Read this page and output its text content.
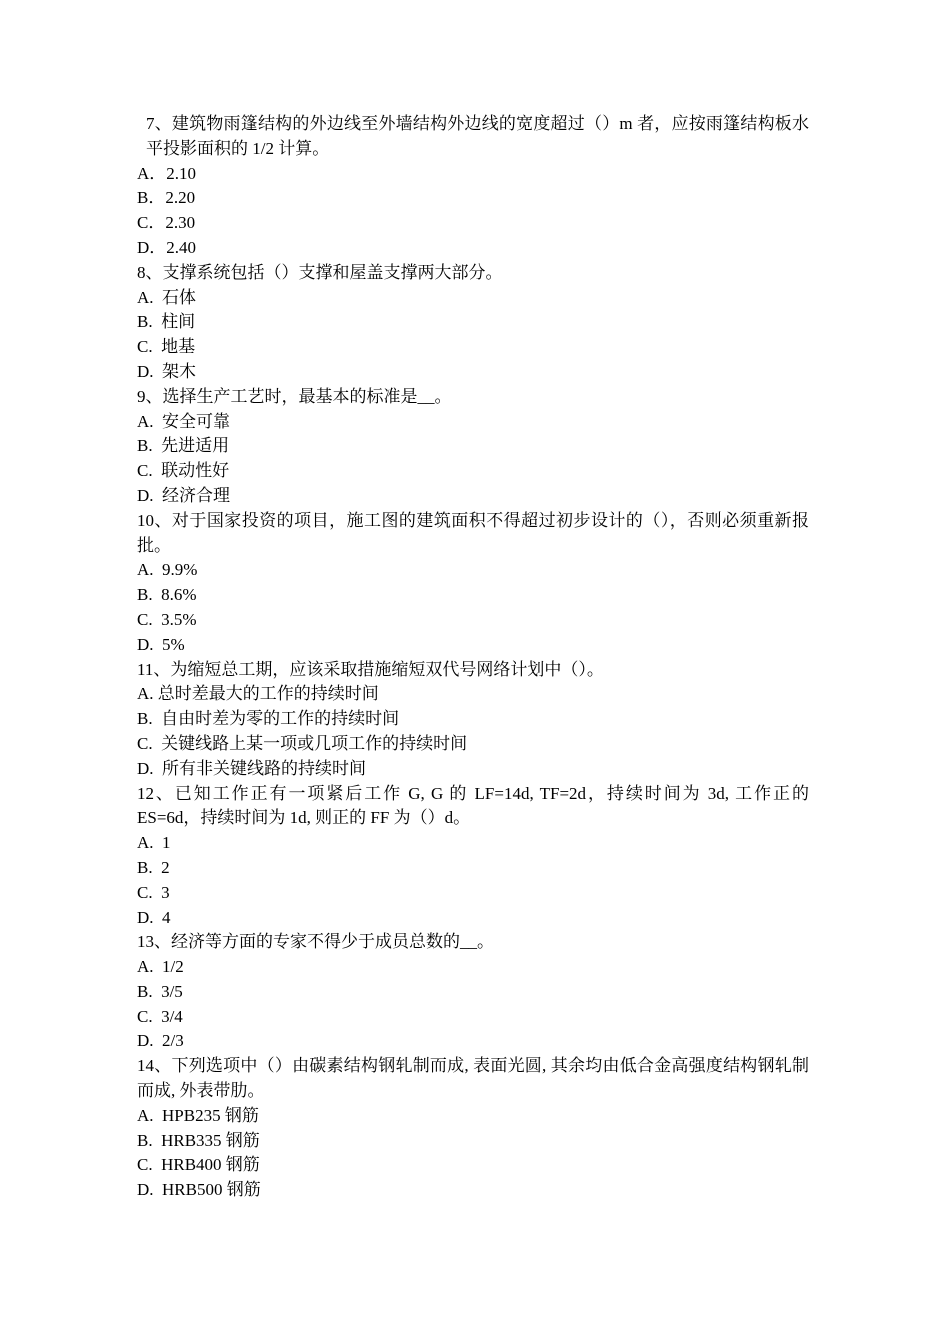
7、建筑物雨篷结构的外边线至外墙结构外边线的宽度超过（）m 者，应按雨篷结构板水平投影面积的 1/2 计算。

A．2.10

B．2.20

C．2.30

D．2.40

8、支撑系统包括（）支撑和屋盖支撑两大部分。

A.  石体

B.  柱间

C.  地基

D.  架木

9、选择生产工艺时，最基本的标准是__。

A.  安全可靠

B.  先进适用

C.  联动性好

D.  经济合理

10、对于国家投资的项目，施工图的建筑面积不得超过初步设计的（），否则必须重新报批。

A.  9.9%

B.  8.6%

C.  3.5%

D.  5%

11、为缩短总工期，应该采取措施缩短双代号网络计划中（）。

A. 总时差最大的工作的持续时间

B.  自由时差为零的工作的持续时间

C.  关键线路上某一项或几项工作的持续时间

D.  所有非关键线路的持续时间

12、已知工作正有一项紧后工作 G, G 的 LF=14d, TF=2d，持续时间为 3d, 工作正的 ES=6d，持续时间为 1d, 则正的 FF 为（）d。

A.  1

B.  2

C.  3

D.  4

13、经济等方面的专家不得少于成员总数的__。

A.  1/2

B.  3/5

C.  3/4

D.  2/3

14、下列选项中（）由碳素结构钢轧制而成, 表面光圆, 其余均由低合金高强度结构钢轧制而成, 外表带肋。

A.  HPB235 钢筋

B.  HRB335 钢筋

C.  HRB400 钢筋

D.  HRB500 钢筋
